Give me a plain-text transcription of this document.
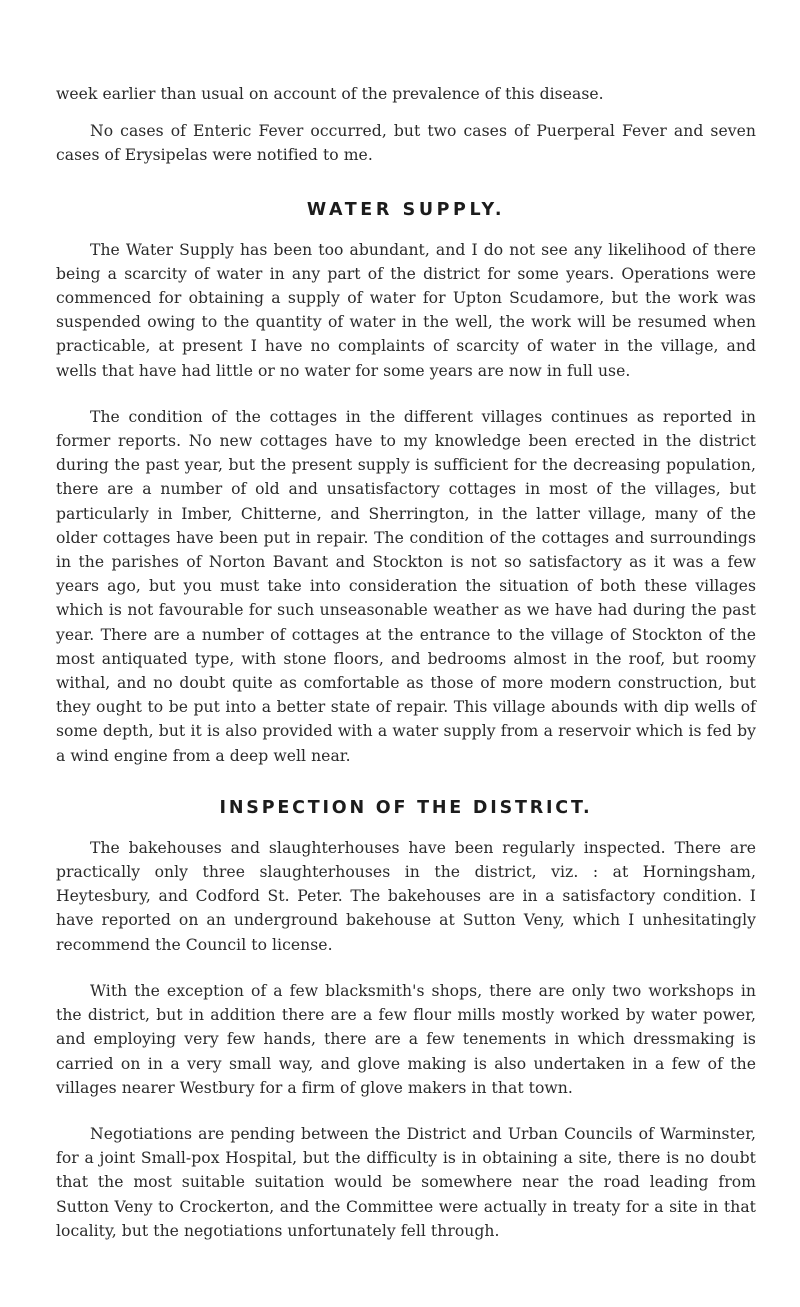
week earlier than usual on account of the prevalence of this disease.

No cases of Enteric Fever occurred, but two cases of Puerperal Fever and seven cases of Erysipelas were notified to me.

WATER SUPPLY.

The Water Supply has been too abundant, and I do not see any likelihood of there being a scarcity of water in any part of the district for some years. Operations were commenced for obtaining a supply of water for Upton Scudamore, but the work was suspended owing to the quantity of water in the well, the work will be resumed when practicable, at present I have no complaints of scarcity of water in the village, and wells that have had little or no water for some years are now in full use.

The condition of the cottages in the different villages continues as reported in former reports. No new cottages have to my knowledge been erected in the district during the past year, but the present supply is sufficient for the decreasing population, there are a number of old and unsatisfactory cottages in most of the villages, but particularly in Imber, Chitterne, and Sherrington, in the latter village, many of the older cottages have been put in repair. The condition of the cottages and surroundings in the parishes of Norton Bavant and Stockton is not so satisfactory as it was a few years ago, but you must take into consideration the situation of both these villages which is not favourable for such unseasonable weather as we have had during the past year. There are a number of cottages at the entrance to the village of Stockton of the most antiquated type, with stone floors, and bedrooms almost in the roof, but roomy withal, and no doubt quite as comfortable as those of more modern construction, but they ought to be put into a better state of repair. This village abounds with dip wells of some depth, but it is also provided with a water supply from a reservoir which is fed by a wind engine from a deep well near.

INSPECTION OF THE DISTRICT.

The bakehouses and slaughterhouses have been regularly inspected. There are practically only three slaughterhouses in the district, viz. : at Horningsham, Heytesbury, and Codford St. Peter. The bakehouses are in a satisfactory condition. I have reported on an underground bakehouse at Sutton Veny, which I unhesitatingly recommend the Council to license.

With the exception of a few blacksmith's shops, there are only two workshops in the district, but in addition there are a few flour mills mostly worked by water power, and employing very few hands, there are a few tenements in which dressmaking is carried on in a very small way, and glove making is also undertaken in a few of the villages nearer Westbury for a firm of glove makers in that town.

Negotiations are pending between the District and Urban Councils of Warminster, for a joint Small-pox Hospital, but the difficulty is in obtaining a site, there is no doubt that the most suitable suitation would be somewhere near the road leading from Sutton Veny to Crockerton, and the Committee were actually in treaty for a site in that locality, but the negotiations unfortunately fell through.
